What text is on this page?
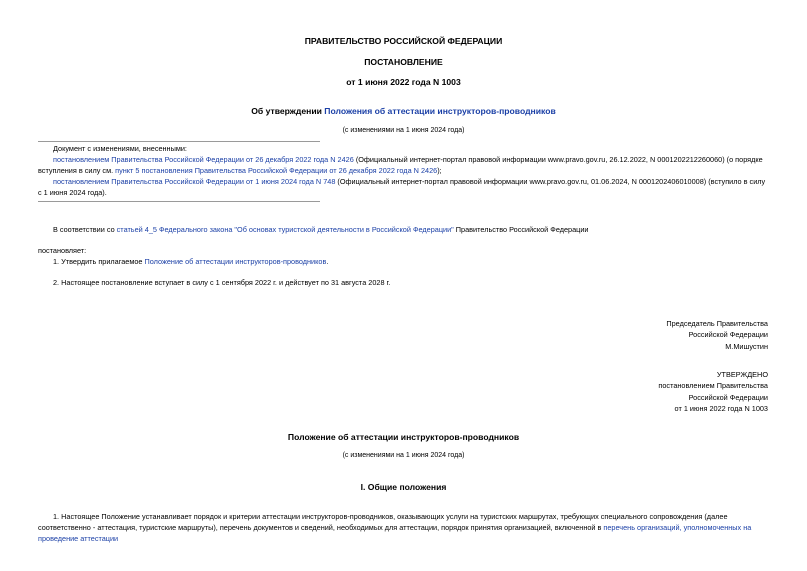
ПРАВИТЕЛЬСТВО РОССИЙСКОЙ ФЕДЕРАЦИИ
ПОСТАНОВЛЕНИЕ
от 1 июня 2022 года N 1003
Об утверждении Положения об аттестации инструкторов-проводников
(с изменениями на 1 июня 2024 года)
Документ с изменениями, внесенными:
постановлением Правительства Российской Федерации от 26 декабря 2022 года N 2426 (Официальный интернет-портал правовой информации www.pravo.gov.ru, 26.12.2022, N 0001202212260060) (о порядке вступления в силу см. пункт 5 постановления Правительства Российской Федерации от 26 декабря 2022 года N 2426);
постановлением Правительства Российской Федерации от 1 июня 2024 года N 748 (Официальный интернет-портал правовой информации www.pravo.gov.ru, 01.06.2024, N 0001202406010008) (вступило в силу с 1 июня 2024 года).
В соответствии со статьей 4_5 Федерального закона "Об основах туристской деятельности в Российской Федерации" Правительство Российской Федерации
постановляет:
1. Утвердить прилагаемое Положение об аттестации инструкторов-проводников.
2. Настоящее постановление вступает в силу с 1 сентября 2022 г. и действует по 31 августа 2028 г.
Председатель Правительства
Российской Федерации
М.Мишустин
УТВЕРЖДЕНО
постановлением Правительства
Российской Федерации
от 1 июня 2022 года N 1003
Положение об аттестации инструкторов-проводников
(с изменениями на 1 июня 2024 года)
I. Общие положения
1. Настоящее Положение устанавливает порядок и критерии аттестации инструкторов-проводников, оказывающих услуги на туристских маршрутах, требующих специального сопровождения (далее соответственно - аттестация, туристские маршруты), перечень документов и сведений, необходимых для аттестации, порядок принятия организацией, включенной в перечень организаций, уполномоченных на проведение аттестации
